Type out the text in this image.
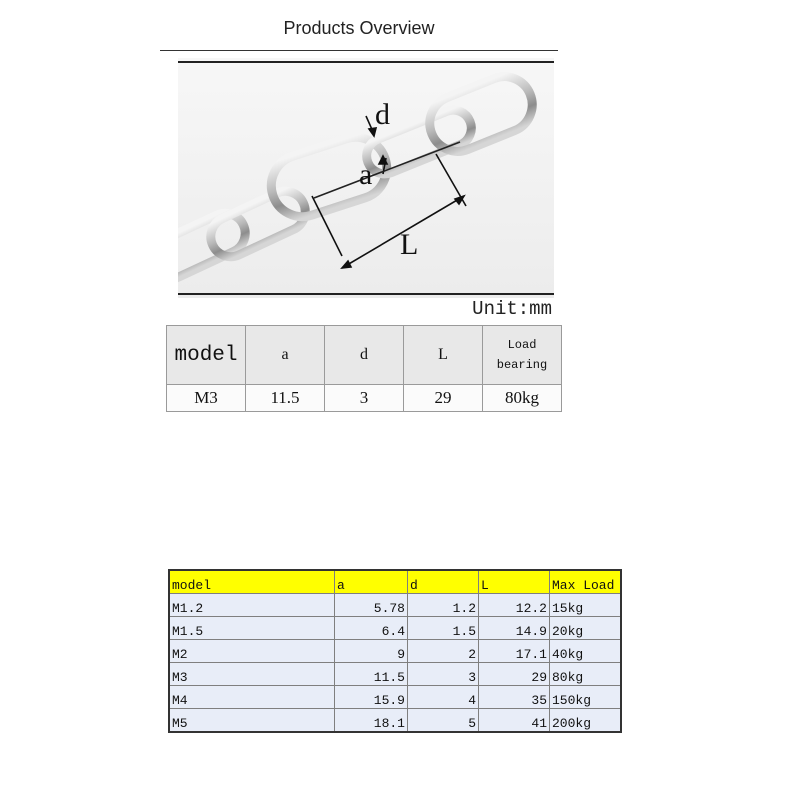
Products Overview
d
a
L
Unit:mm
model	a	d	L	Load
bearing
M3	11.5	3	29	80kg
model	a	d	L	Max Load
M1.2	5.78	1.2	12.2	15kg
M1.5	6.4	1.5	14.9	20kg
M2	9	2	17.1	40kg
M3	11.5	3	29	80kg
M4	15.9	4	35	150kg
M5	18.1	5	41	200kg
